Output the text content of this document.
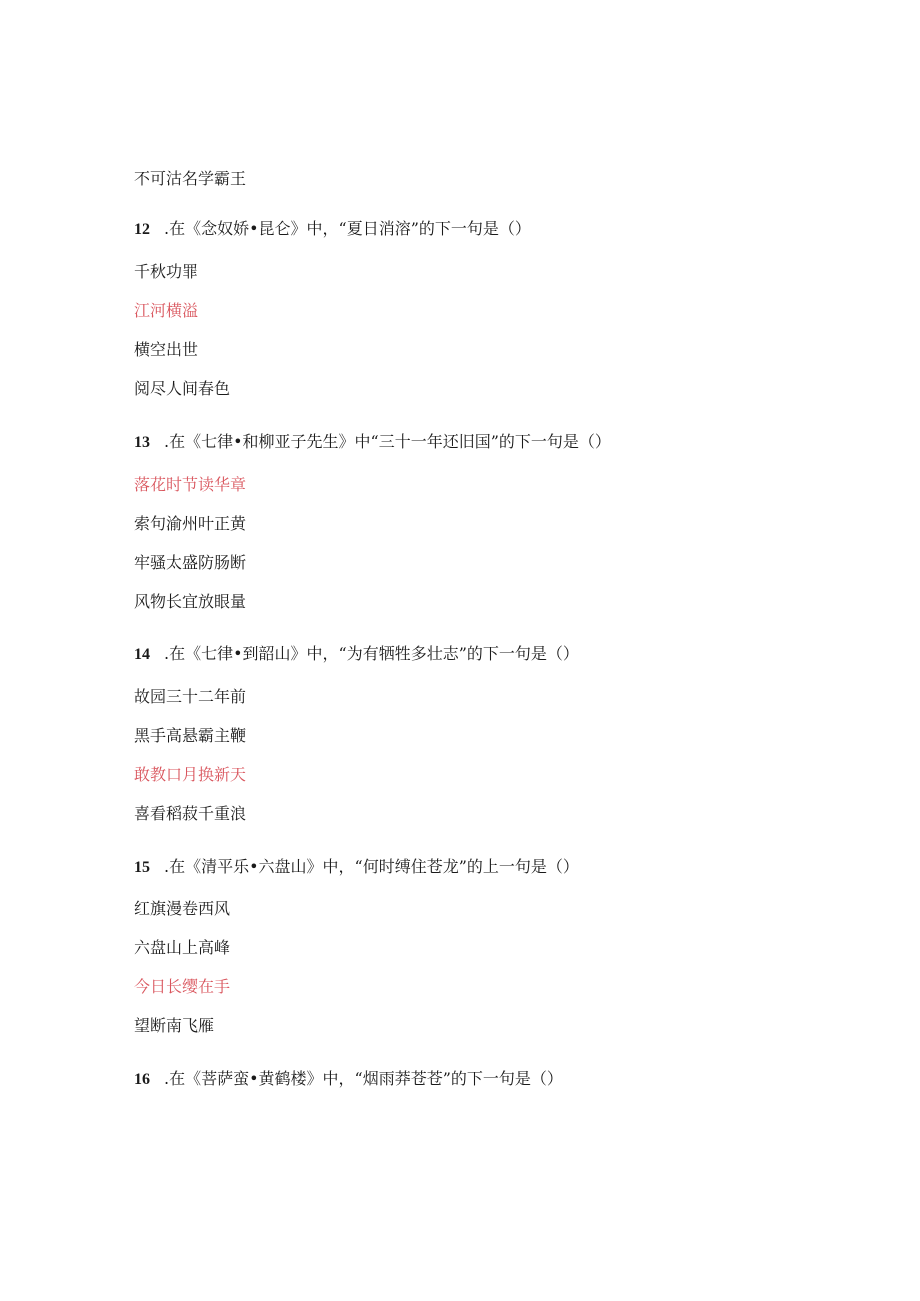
不可沽名学霸王

12 .在《念奴娇•昆仑》中，“夏日消溶”的下一句是（）

千秋功罪

江河横溢

横空出世

阅尽人间春色

13 .在《七律•和柳亚子先生》中“三十一年还旧国”的下一句是（）

落花时节读华章

索句渝州叶正黄

牢骚太盛防肠断

风物长宜放眼量

14 .在《七律•到韶山》中，“为有牺牲多壮志”的下一句是（）

故园三十二年前

黑手高悬霸主鞭

敢教口月换新天

喜看稻菽千重浪

15 .在《清平乐•六盘山》中，“何时缚住苍龙”的上一句是（）

红旗漫卷西风

六盘山上高峰

今日长缨在手

望断南飞雁

16 .在《菩萨蛮•黄鹤楼》中，“烟雨莽苍苍”的下一句是（）
